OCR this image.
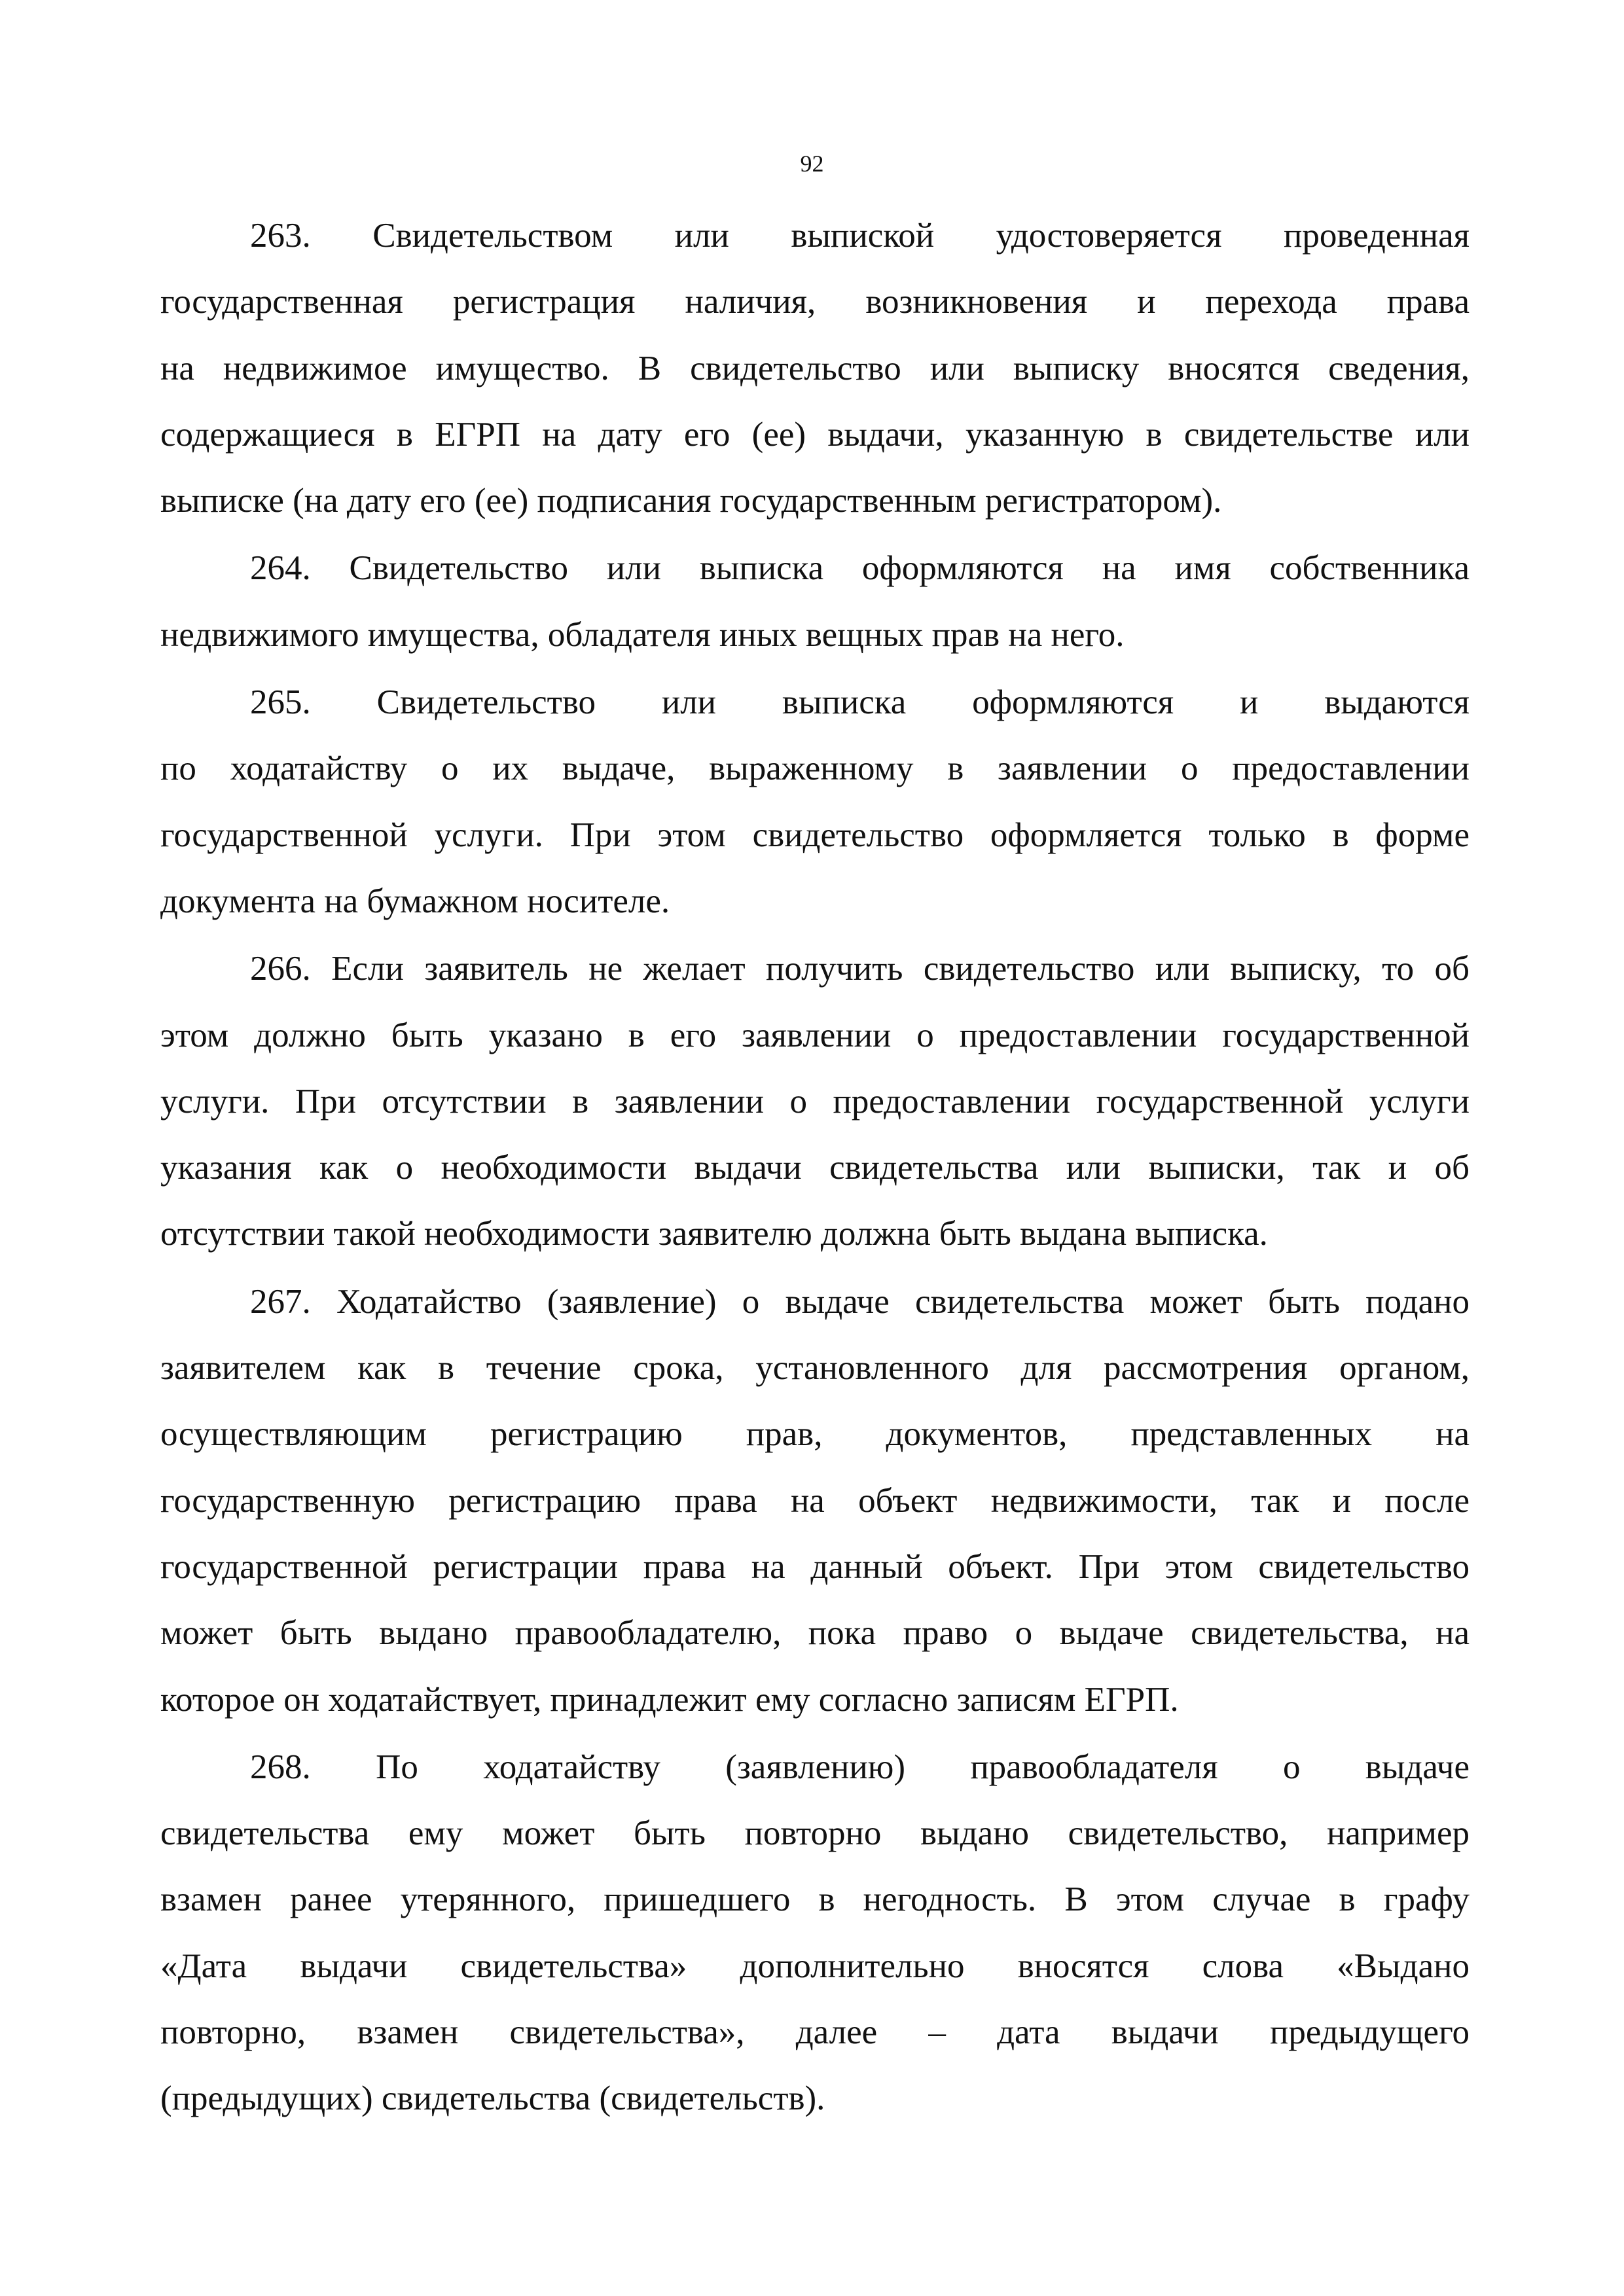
92

263. Свидетельством или выпиской удостоверяется проведенная
государственная регистрация наличия, возникновения и перехода права
на недвижимое имущество. В свидетельство или выписку вносятся сведения,
содержащиеся в ЕГРП на дату его (ее) выдачи, указанную в свидетельстве или
выписке (на дату его (ее) подписания государственным регистратором).

264. Свидетельство или выписка оформляются на имя собственника
недвижимого имущества, обладателя иных вещных прав на него.

265. Свидетельство или выписка оформляются и выдаются
по ходатайству о их выдаче, выраженному в заявлении о предоставлении
государственной услуги. При этом свидетельство оформляется только в форме
документа на бумажном носителе.

266. Если заявитель не желает получить свидетельство или выписку, то об
этом должно быть указано в его заявлении о предоставлении государственной
услуги. При отсутствии в заявлении о предоставлении государственной услуги
указания как о необходимости выдачи свидетельства или выписки, так и об
отсутствии такой необходимости заявителю должна быть выдана выписка.

267. Ходатайство (заявление) о выдаче свидетельства может быть подано
заявителем как в течение срока, установленного для рассмотрения органом,
осуществляющим регистрацию прав, документов, представленных на
государственную регистрацию права на объект недвижимости, так и после
государственной регистрации права на данный объект. При этом свидетельство
может быть выдано правообладателю, пока право о выдаче свидетельства, на
которое он ходатайствует, принадлежит ему согласно записям ЕГРП.

268. По ходатайству (заявлению) правообладателя о выдаче
свидетельства ему может быть повторно выдано свидетельство, например
взамен ранее утерянного, пришедшего в негодность. В этом случае в графу
«Дата выдачи свидетельства» дополнительно вносятся слова «Выдано
повторно, взамен свидетельства», далее – дата выдачи предыдущего
(предыдущих) свидетельства (свидетельств).
